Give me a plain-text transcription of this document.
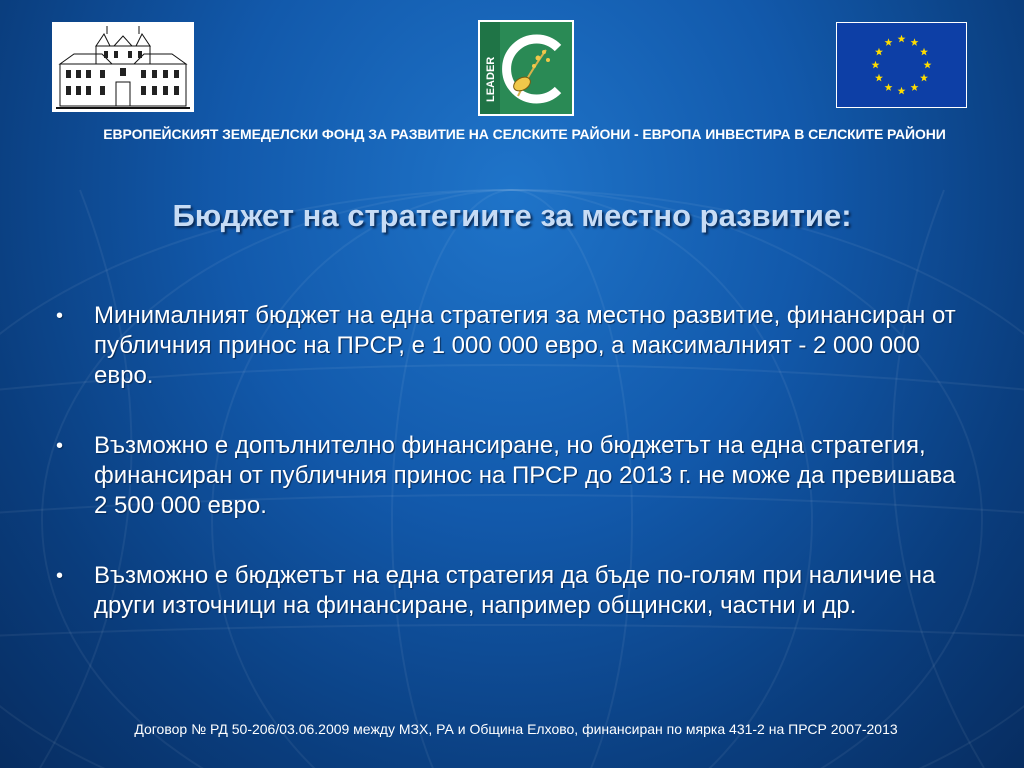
LEADER
ЕВРОПЕЙСКИЯТ ЗЕМЕДЕЛСКИ ФОНД ЗА РАЗВИТИЕ НА СЕЛСКИТЕ РАЙОНИ - ЕВРОПА ИНВЕСТИРА В СЕЛСКИТЕ РАЙОНИ
Бюджет на стратегиите за местно развитие:
• Минималният бюджет на една стратегия за местно развитие, финансиран от публичния принос на ПРСР, е 1 000 000 евро, а максималният - 2 000 000 евро.
• Възможно е допълнително финансиране, но бюджетът на една стратегия, финансиран от публичния принос на ПРСР до 2013 г. не може да превишава 2 500 000 евро.
• Възможно е бюджетът на една стратегия да бъде по-голям при наличие на други източници на финансиране, например общински, частни и др.
Договор № РД 50-206/03.06.2009 между МЗХ, РА и Община Елхово, финансиран по мярка 431-2 на ПРСР 2007-2013
